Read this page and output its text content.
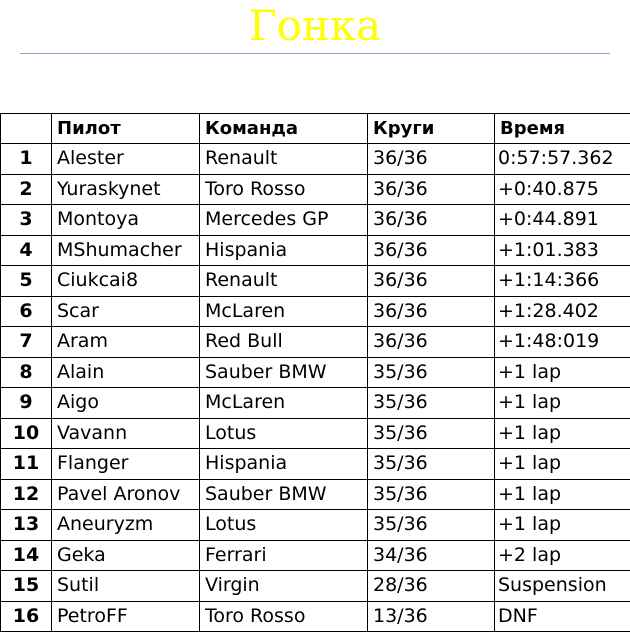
Гонка
	Пилот	Команда	Круги	Время
1	Alester	Renault	36/36	0:57:57.362
2	Yuraskynet	Toro Rosso	36/36	+0:40.875
3	Montoya	Mercedes GP	36/36	+0:44.891
4	MShumacher	Hispania	36/36	+1:01.383
5	Ciukcai8	Renault	36/36	+1:14:366
6	Scar	McLaren	36/36	+1:28.402
7	Aram	Red Bull	36/36	+1:48:019
8	Alain	Sauber BMW	35/36	+1 lap
9	Aigo	McLaren	35/36	+1 lap
10	Vavann	Lotus	35/36	+1 lap
11	Flanger	Hispania	35/36	+1 lap
12	Pavel Aronov	Sauber BMW	35/36	+1 lap
13	Aneuryzm	Lotus	35/36	+1 lap
14	Geka	Ferrari	34/36	+2 lap
15	Sutil	Virgin	28/36	Suspension
16	PetroFF	Toro Rosso	13/36	DNF
